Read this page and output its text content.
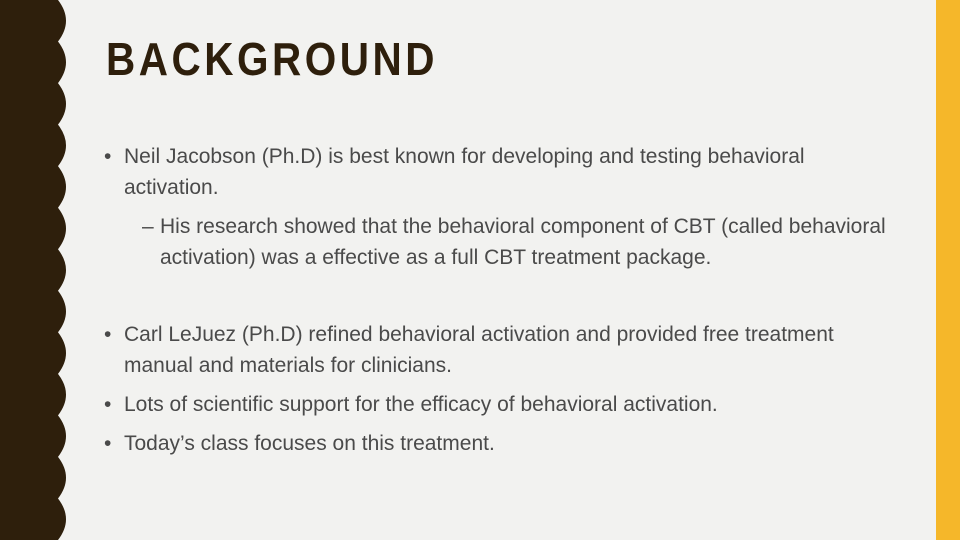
BACKGROUND
• Neil Jacobson (Ph.D) is best known for developing and testing behavioral activation.
– His research showed that the behavioral component of CBT (called behavioral activation) was a effective as a full CBT treatment package.
• Carl LeJuez (Ph.D) refined behavioral activation and provided free treatment manual and materials for clinicians.
• Lots of scientific support for the efficacy of behavioral activation.
• Today’s class focuses on this treatment.
